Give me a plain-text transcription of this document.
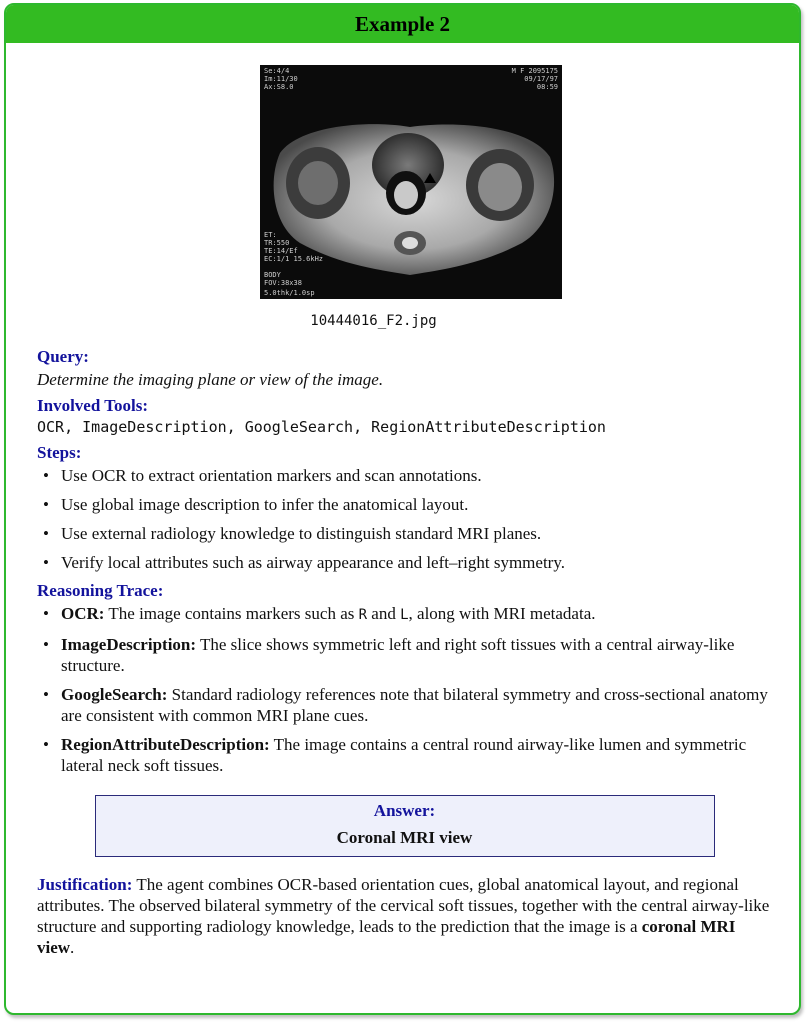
Example 2
Se:4/4
Im:11/30
Ax:S8.0
M F 2095175
09/17/97
08:59
ET:
TR:550
TE:14/Ef
EC:1/1 15.6kHz
BODY
FOV:38x38
5.0thk/1.0sp
10444016_F2.jpg
Query:
Determine the imaging plane or view of the image.
Involved Tools:
OCR, ImageDescription, GoogleSearch, RegionAttributeDescription
Steps:
• Use OCR to extract orientation markers and scan annotations.
• Use global image description to infer the anatomical layout.
• Use external radiology knowledge to distinguish standard MRI planes.
• Verify local attributes such as airway appearance and left–right symmetry.
Reasoning Trace:
• OCR: The image contains markers such as R and L, along with MRI metadata.
• ImageDescription: The slice shows symmetric left and right soft tissues with a central airway-like structure.
• GoogleSearch: Standard radiology references note that bilateral symmetry and cross-sectional anatomy are consistent with common MRI plane cues.
• RegionAttributeDescription: The image contains a central round airway-like lumen and symmetric lateral neck soft tissues.
Answer:
Coronal MRI view
Justification: The agent combines OCR-based orientation cues, global anatomical layout, and regional attributes. The observed bilateral symmetry of the cervical soft tissues, together with the central airway-like structure and supporting radiology knowledge, leads to the prediction that the image is a coronal MRI view.
